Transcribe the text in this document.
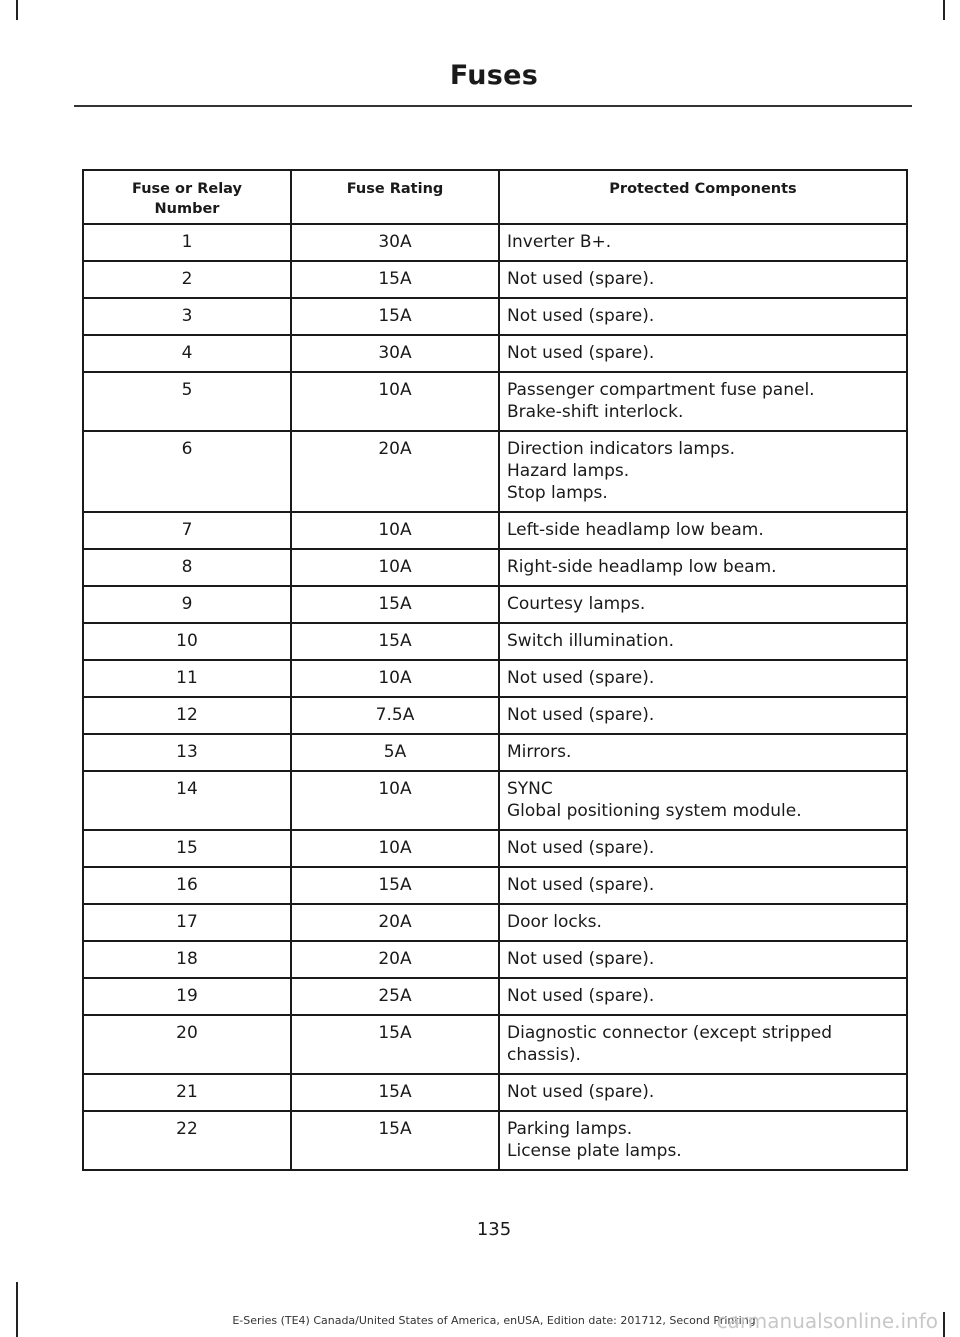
Fuses
Fuse or Relay Number	Fuse Rating	Protected Components
1	30A	Inverter B+.

2	15A	Not used (spare).

3	15A	Not used (spare).

4	30A	Not used (spare).

5	10A	Passenger compartment fuse panel.
Brake-shift interlock.

6	20A	Direction indicators lamps.
Hazard lamps.
Stop lamps.

7	10A	Left-side headlamp low beam.

8	10A	Right-side headlamp low beam.

9	15A	Courtesy lamps.

10	15A	Switch illumination.

11	10A	Not used (spare).

12	7.5A	Not used (spare).

13	5A	Mirrors.

14	10A	SYNC
Global positioning system module.

15	10A	Not used (spare).

16	15A	Not used (spare).

17	20A	Door locks.

18	20A	Not used (spare).

19	25A	Not used (spare).

20	15A	Diagnostic connector (except stripped
chassis).

21	15A	Not used (spare).

22	15A	Parking lamps.
License plate lamps.
135
E-Series (TE4) Canada/United States of America, enUSA, Edition date: 201712, Second Printing
carmanualsonline.info
